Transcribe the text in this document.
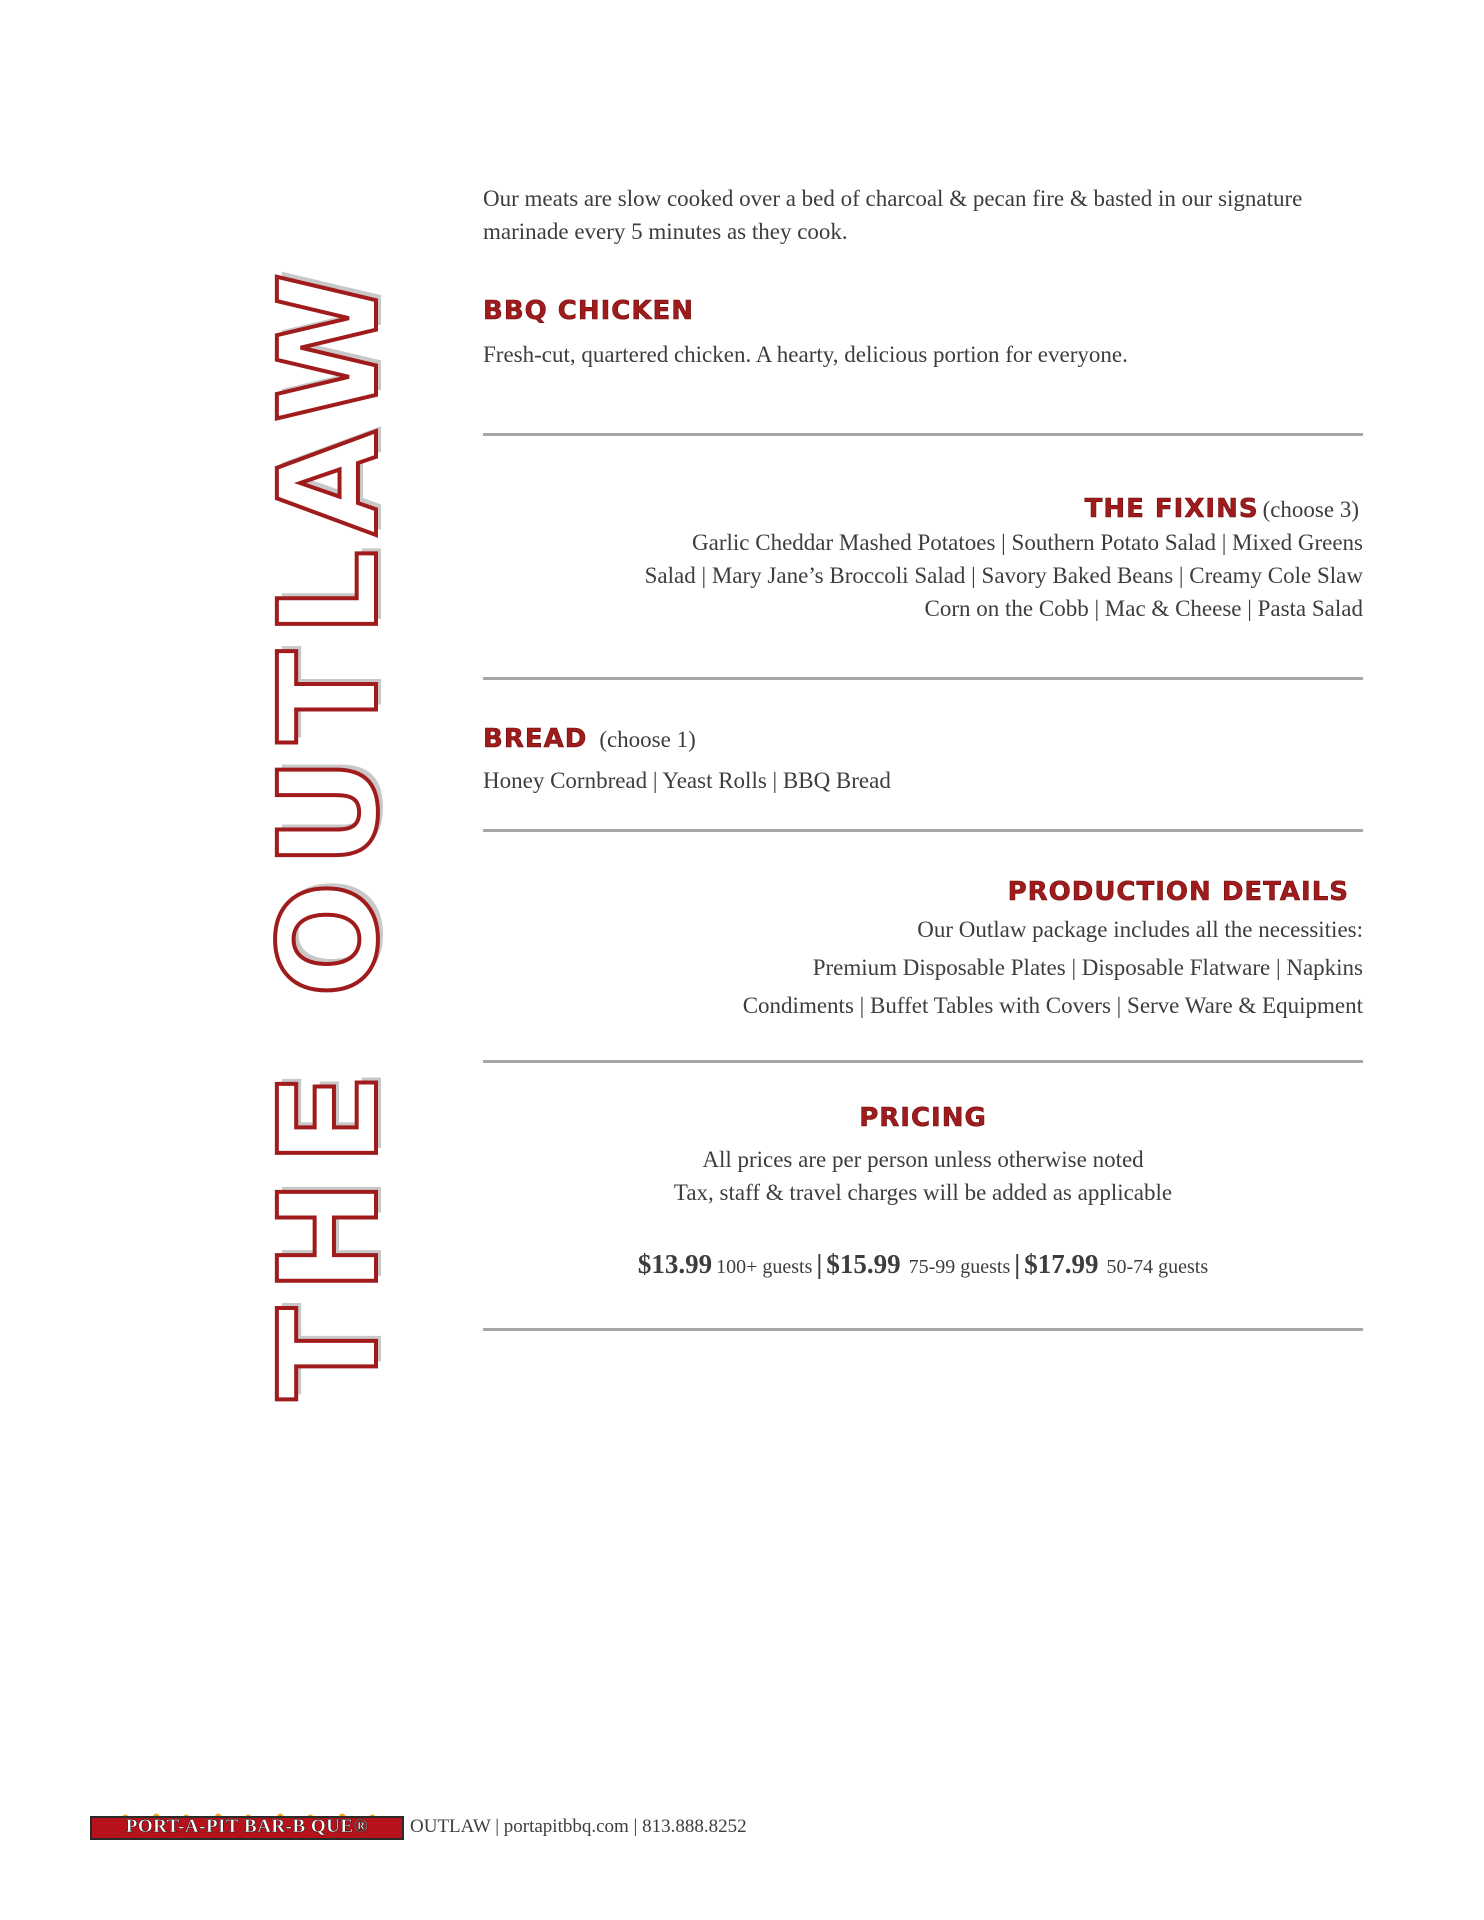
THE OUTLAW

Our meats are slow cooked over a bed of charcoal & pecan fire & basted in our signature

marinade every 5 minutes as they cook.

BBQ CHICKEN

Fresh-cut, quartered chicken. A hearty, delicious portion for everyone.

THE FIXINS (choose 3)

Garlic Cheddar Mashed Potatoes | Southern Potato Salad | Mixed Greens

Salad | Mary Jane’s Broccoli Salad | Savory Baked Beans | Creamy Cole Slaw

Corn on the Cobb | Mac & Cheese | Pasta Salad

BREAD (choose 1)

Honey Cornbread | Yeast Rolls | BBQ Bread

PRODUCTION DETAILS

Our Outlaw package includes all the necessities:

Premium Disposable Plates | Disposable Flatware | Napkins

Condiments | Buffet Tables with Covers | Serve Ware & Equipment

PRICING

All prices are per person unless otherwise noted

Tax, staff & travel charges will be added as applicable

$13.99 100+ guests | $15.99 75-99 guests | $17.99 50-74 guests
PORT-A-PIT BAR-B QUE®	OUTLAW | portapitbbq.com | 813.888.8252
